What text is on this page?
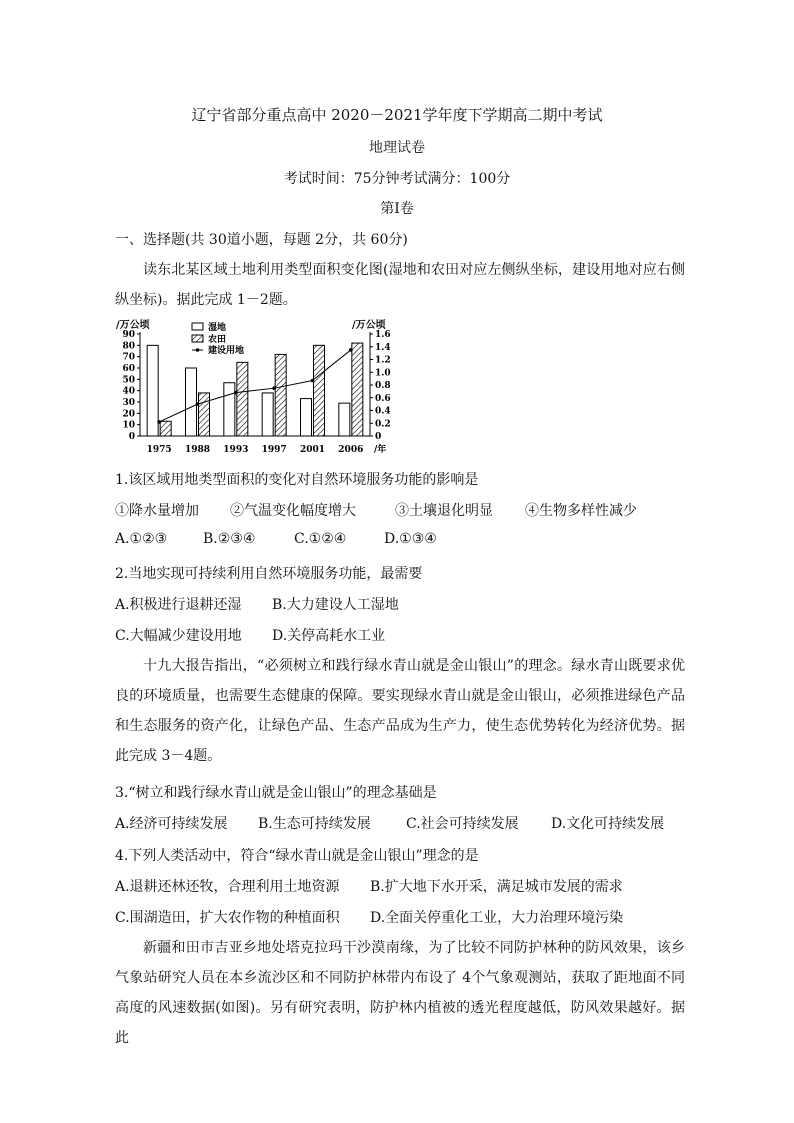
辽宁省部分重点高中 2020－2021学年度下学期高二期中考试
地理试卷
考试时间：75分钟考试满分：100分
第Ⅰ卷
一、选择题(共 30道小题，每题 2分，共 60分)
读东北某区域土地利用类型面积变化图(湿地和农田对应左侧纵坐标，建设用地对应右侧纵坐标)。据此完成 1－2题。
0
10
20
30
40
50
60
70
80
90
0
0.2
0.4
0.6
0.8
1.0
1.2
1.4
1.6
/万公顷	/万公顷
/年
1975 1988 1993 1997 2001 2006
湿地
农田
建设用地
1.该区域用地类型面积的变化对自然环境服务功能的影响是
①降水量增加 ②气温变化幅度增大	③土壤退化明显 ④生物多样性减少
A.①②③	B.②③④	C.①②④	D.①③④
2.当地实现可持续利用自然环境服务功能，最需要
A.积极进行退耕还湿 B.大力建设人工湿地
C.大幅减少建设用地 D.关停高耗水工业
十九大报告指出，“必须树立和践行绿水青山就是金山银山”的理念。绿水青山既要求优良的环境质量，也需要生态健康的保障。要实现绿水青山就是金山银山，必须推进绿色产品和生态服务的资产化，让绿色产品、生态产品成为生产力，使生态优势转化为经济优势。据此完成 3－4题。
3.“树立和践行绿水青山就是金山银山”的理念基础是
A.经济可持续发展 B.生态可持续发展	C.社会可持续发展 D.文化可持续发展
4.下列人类活动中，符合“绿水青山就是金山银山”理念的是
A.退耕还林还牧，合理利用土地资源 B.扩大地下水开采，满足城市发展的需求
C.围湖造田，扩大农作物的种植面积 D.全面关停重化工业，大力治理环境污染
新疆和田市吉亚乡地处塔克拉玛干沙漠南缘，为了比较不同防护林种的防风效果，该乡气象站研究人员在本乡流沙区和不同防护林带内布设了 4个气象观测站，获取了距地面不同高度的风速数据(如图)。另有研究表明，防护林内植被的透光程度越低，防风效果越好。据此
